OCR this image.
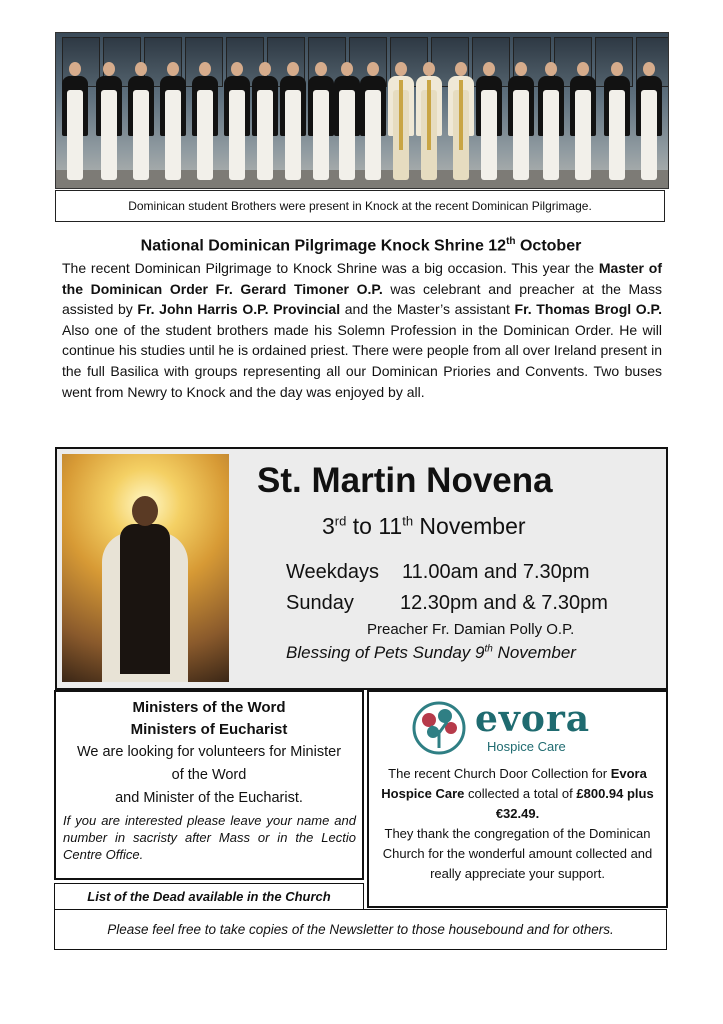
Dominican student Brothers were present in Knock at the recent Dominican Pilgrimage.
National Dominican Pilgrimage Knock Shrine 12th October
The recent Dominican Pilgrimage to Knock Shrine was a big occasion. This year the Master of the Dominican Order Fr. Gerard Timoner O.P. was celebrant and preacher at the Mass assisted by Fr. John Harris O.P. Provincial and the Master’s assistant Fr. Thomas Brogl O.P. Also one of the student brothers made his Solemn Profession in the Dominican Order. He will continue his studies until he is ordained priest. There were people from all over Ireland present in the full Basilica with groups representing all our Dominican Priories and Convents. Two buses went from Newry to Knock and the day was enjoyed by all.
St. Martin Novena
3rd to 11th November
Weekdays 11.00am and 7.30pm
Sunday 12.30pm and & 7.30pm
Preacher Fr. Damian Polly O.P.
Blessing of Pets Sunday 9th November
Ministers of the Word
Ministers of Eucharist
We are looking for volunteers for Minister
of the Word
and Minister of the Eucharist.
If you are interested please leave your name and number in sacristy after Mass or in the Lectio Centre Office.
List of the Dead available in the Church
evora
Hospice Care
The recent Church Door Collection for Evora Hospice Care collected a total of £800.94 plus €32.49.
They thank the congregation of the Dominican Church for the wonderful amount collected and really appreciate your support.
Please feel free to take copies of the Newsletter to those housebound and for others.
